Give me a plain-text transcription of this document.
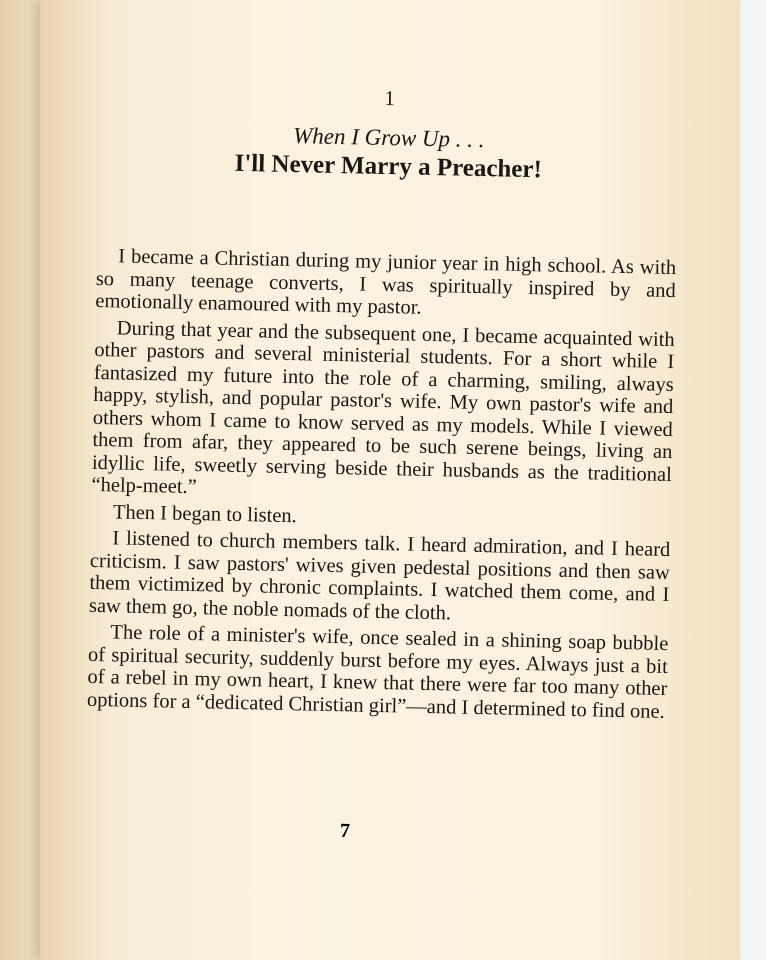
1
When I Grow Up . . .
I'll Never Marry a Preacher!

I became a Christian during my junior year in high school. As with so many teenage converts, I was spiritually inspired by and emotionally enamoured with my pastor.

During that year and the subsequent one, I became acquainted with other pastors and several ministerial students. For a short while I fantasized my future into the role of a charming, smiling, always happy, stylish, and popular pastor's wife. My own pastor's wife and others whom I came to know served as my models. While I viewed them from afar, they appeared to be such serene beings, living an idyllic life, sweetly serving beside their husbands as the traditional “help-meet.”

Then I began to listen.

I listened to church members talk. I heard admiration, and I heard criticism. I saw pastors' wives given pedestal positions and then saw them victimized by chronic complaints. I watched them come, and I saw them go, the noble nomads of the cloth.

The role of a minister's wife, once sealed in a shining soap bubble of spiritual security, suddenly burst before my eyes. Always just a bit of a rebel in my own heart, I knew that there were far too many other options for a “dedicated Christian girl”—and I determined to find one.

7
